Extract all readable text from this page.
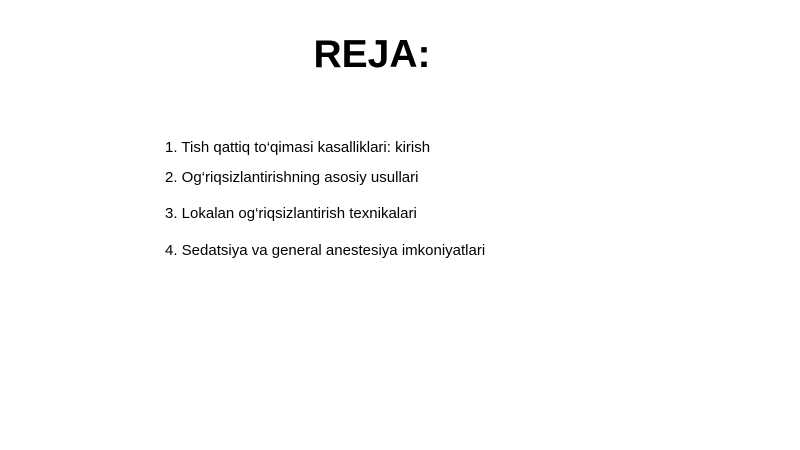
REJA:
1. Tish qattiq to‘qimasi kasalliklari: kirish
2. Og‘riqsizlantirishning asosiy usullari
3. Lokalan og‘riqsizlantirish texnikalari
4. Sedatsiya va general anestesiya imkoniyatlari
